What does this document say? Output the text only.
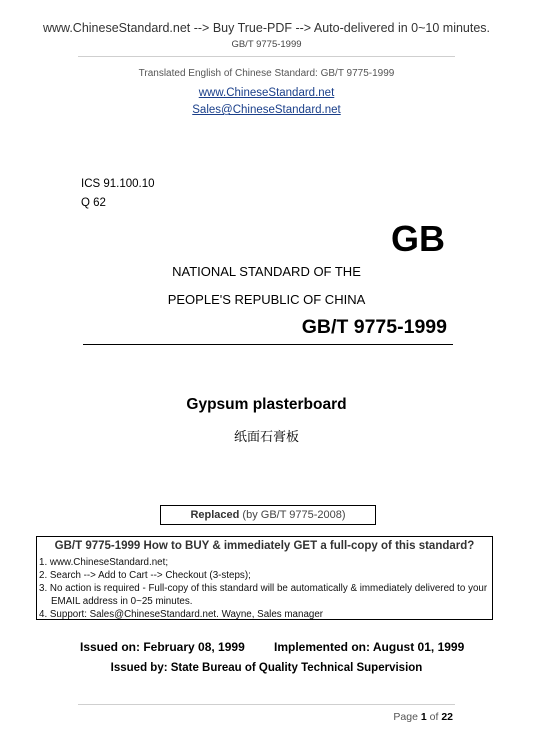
www.ChineseStandard.net --> Buy True-PDF --> Auto-delivered in 0~10 minutes.
GB/T 9775-1999
Translated English of Chinese Standard: GB/T 9775-1999
www.ChineseStandard.net
Sales@ChineseStandard.net
ICS 91.100.10
Q 62
GB
NATIONAL STANDARD OF THE
PEOPLE'S REPUBLIC OF CHINA
GB/T 9775-1999
Gypsum plasterboard
纸面石膏板
Replaced (by GB/T 9775-2008)
GB/T 9775-1999 How to BUY & immediately GET a full-copy of this standard?
1. www.ChineseStandard.net;
2. Search --> Add to Cart --> Checkout (3-steps);
3. No action is required - Full-copy of this standard will be automatically & immediately delivered to your EMAIL address in 0~25 minutes.
4. Support: Sales@ChineseStandard.net. Wayne, Sales manager
Issued on: February 08, 1999 Implemented on: August 01, 1999
Issued by: State Bureau of Quality Technical Supervision
Page 1 of 22
